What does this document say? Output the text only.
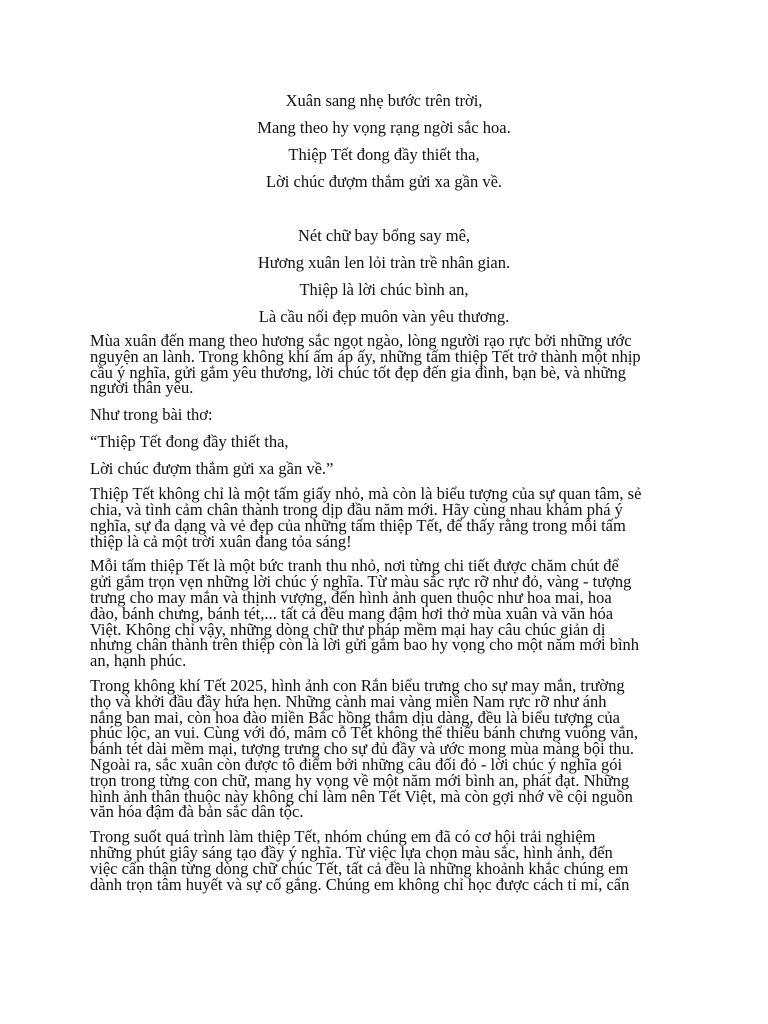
Xuân sang nhẹ bước trên trời,
Mang theo hy vọng rạng ngời sắc hoa.
Thiệp Tết đong đầy thiết tha,
Lời chúc đượm thắm gửi xa gần về.
Nét chữ bay bổng say mê,
Hương xuân len lỏi tràn trề nhân gian.
Thiệp là lời chúc bình an,
Là cầu nối đẹp muôn vàn yêu thương.

Mùa xuân đến mang theo hương sắc ngọt ngào, lòng người rạo rực bởi những ước
nguyện an lành. Trong không khí ấm áp ấy, những tấm thiệp Tết trở thành một nhịp
cầu ý nghĩa, gửi gắm yêu thương, lời chúc tốt đẹp đến gia đình, bạn bè, và những
người thân yêu.

Như trong bài thơ:

“Thiệp Tết đong đầy thiết tha,

Lời chúc đượm thắm gửi xa gần về.”

Thiệp Tết không chỉ là một tấm giấy nhỏ, mà còn là biểu tượng của sự quan tâm, sẻ
chia, và tình cảm chân thành trong dịp đầu năm mới. Hãy cùng nhau khám phá ý
nghĩa, sự đa dạng và vẻ đẹp của những tấm thiệp Tết, để thấy rằng trong mỗi tấm
thiệp là cả một trời xuân đang tỏa sáng!

Mỗi tấm thiệp Tết là một bức tranh thu nhỏ, nơi từng chi tiết được chăm chút để
gửi gắm trọn vẹn những lời chúc ý nghĩa. Từ màu sắc rực rỡ như đỏ, vàng - tượng
trưng cho may mắn và thịnh vượng, đến hình ảnh quen thuộc như hoa mai, hoa
đào, bánh chưng, bánh tét,... tất cả đều mang đậm hơi thở mùa xuân và văn hóa
Việt. Không chỉ vậy, những dòng chữ thư pháp mềm mại hay câu chúc giản dị
nhưng chân thành trên thiệp còn là lời gửi gắm bao hy vọng cho một năm mới bình
an, hạnh phúc.

Trong không khí Tết 2025, hình ảnh con Rắn biểu trưng cho sự may mắn, trường
thọ và khởi đầu đầy hứa hẹn. Những cành mai vàng miền Nam rực rỡ như ánh
nắng ban mai, còn hoa đào miền Bắc hồng thắm dịu dàng, đều là biểu tượng của
phúc lộc, an vui. Cùng với đó, mâm cỗ Tết không thể thiếu bánh chưng vuông vắn,
bánh tét dài mềm mại, tượng trưng cho sự đủ đầy và ước mong mùa màng bội thu.
Ngoài ra, sắc xuân còn được tô điểm bởi những câu đối đỏ - lời chúc ý nghĩa gói
trọn trong từng con chữ, mang hy vọng về một năm mới bình an, phát đạt. Những
hình ảnh thân thuộc này không chỉ làm nên Tết Việt, mà còn gợi nhớ về cội nguồn
văn hóa đậm đà bản sắc dân tộc.

Trong suốt quá trình làm thiệp Tết, nhóm chúng em đã có cơ hội trải nghiệm
những phút giây sáng tạo đầy ý nghĩa. Từ việc lựa chọn màu sắc, hình ảnh, đến
việc cẩn thận từng dòng chữ chúc Tết, tất cả đều là những khoảnh khắc chúng em
dành trọn tâm huyết và sự cố gắng. Chúng em không chỉ học được cách tỉ mỉ, cẩn
